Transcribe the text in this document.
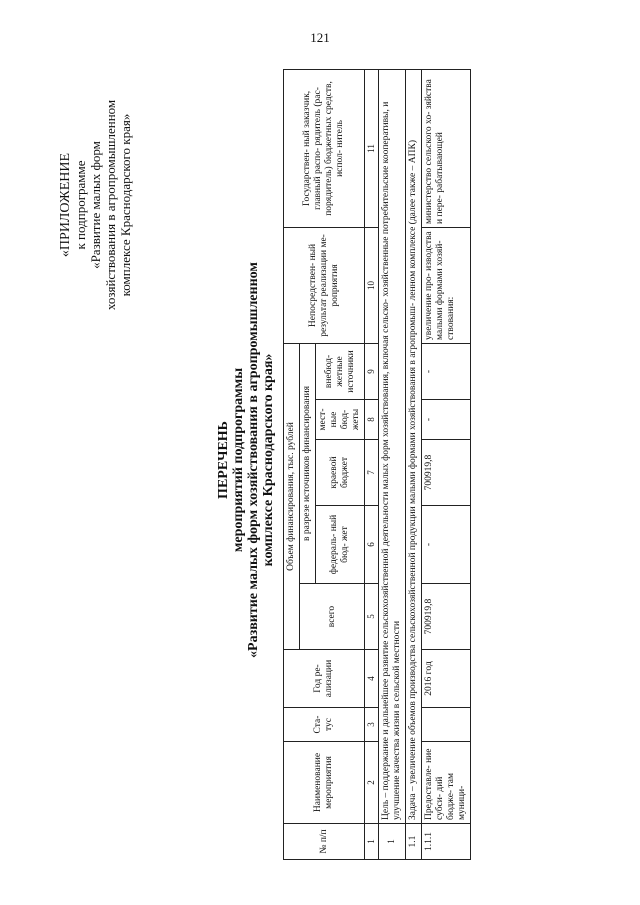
121
«ПРИЛОЖЕНИЕ к подпрограмме «Развитие малых форм хозяйствования в агропромышленном комплексе Краснодарского края»
ПЕРЕЧЕНЬ мероприятий подпрограммы «Развитие малых форм хозяйствования в агропромышленном комплексе Краснодарского края»
№ п/п	Наименование мероприятия	Ста- тус	Год ре- ализации	Объем финансирования, тыс. рублей					Непосредствен- ный результат реализации ме- роприятия	Государствен- ный заказчик, главный распо- рядитель (рас- порядитель) бюджетных средств, испол- нитель
				всего	в разрезе источников финансирования					
					федераль- ный бюд- жет	краевой бюджет	мест- ные бюд- жеты	внебюд- жетные источники		
1	2	3	4	5	6	7	8	9	10	11
1	Цель – поддержание и дальнейшее развитие сельскохозяйственной деятельности малых форм хозяйствования, включая сельско- хозяйственные потребительские кооперативы, и улучшение качества жизни в сельской местности									
1.1	Задача – увеличение объемов производства сельскохозяйственной продукции малыми формами хозяйствования в агропромыш- ленном комплексе (далее также – АПК)									
1.1.1	Предоставле- ние субси- дий бюдже- там муници-		2016 год	700919,8	-	700919,8	-	-	увеличение про- изводства малыми формами хозяй- ствования:	министерство сельского хо- зяйства и пере- рабатывающей
